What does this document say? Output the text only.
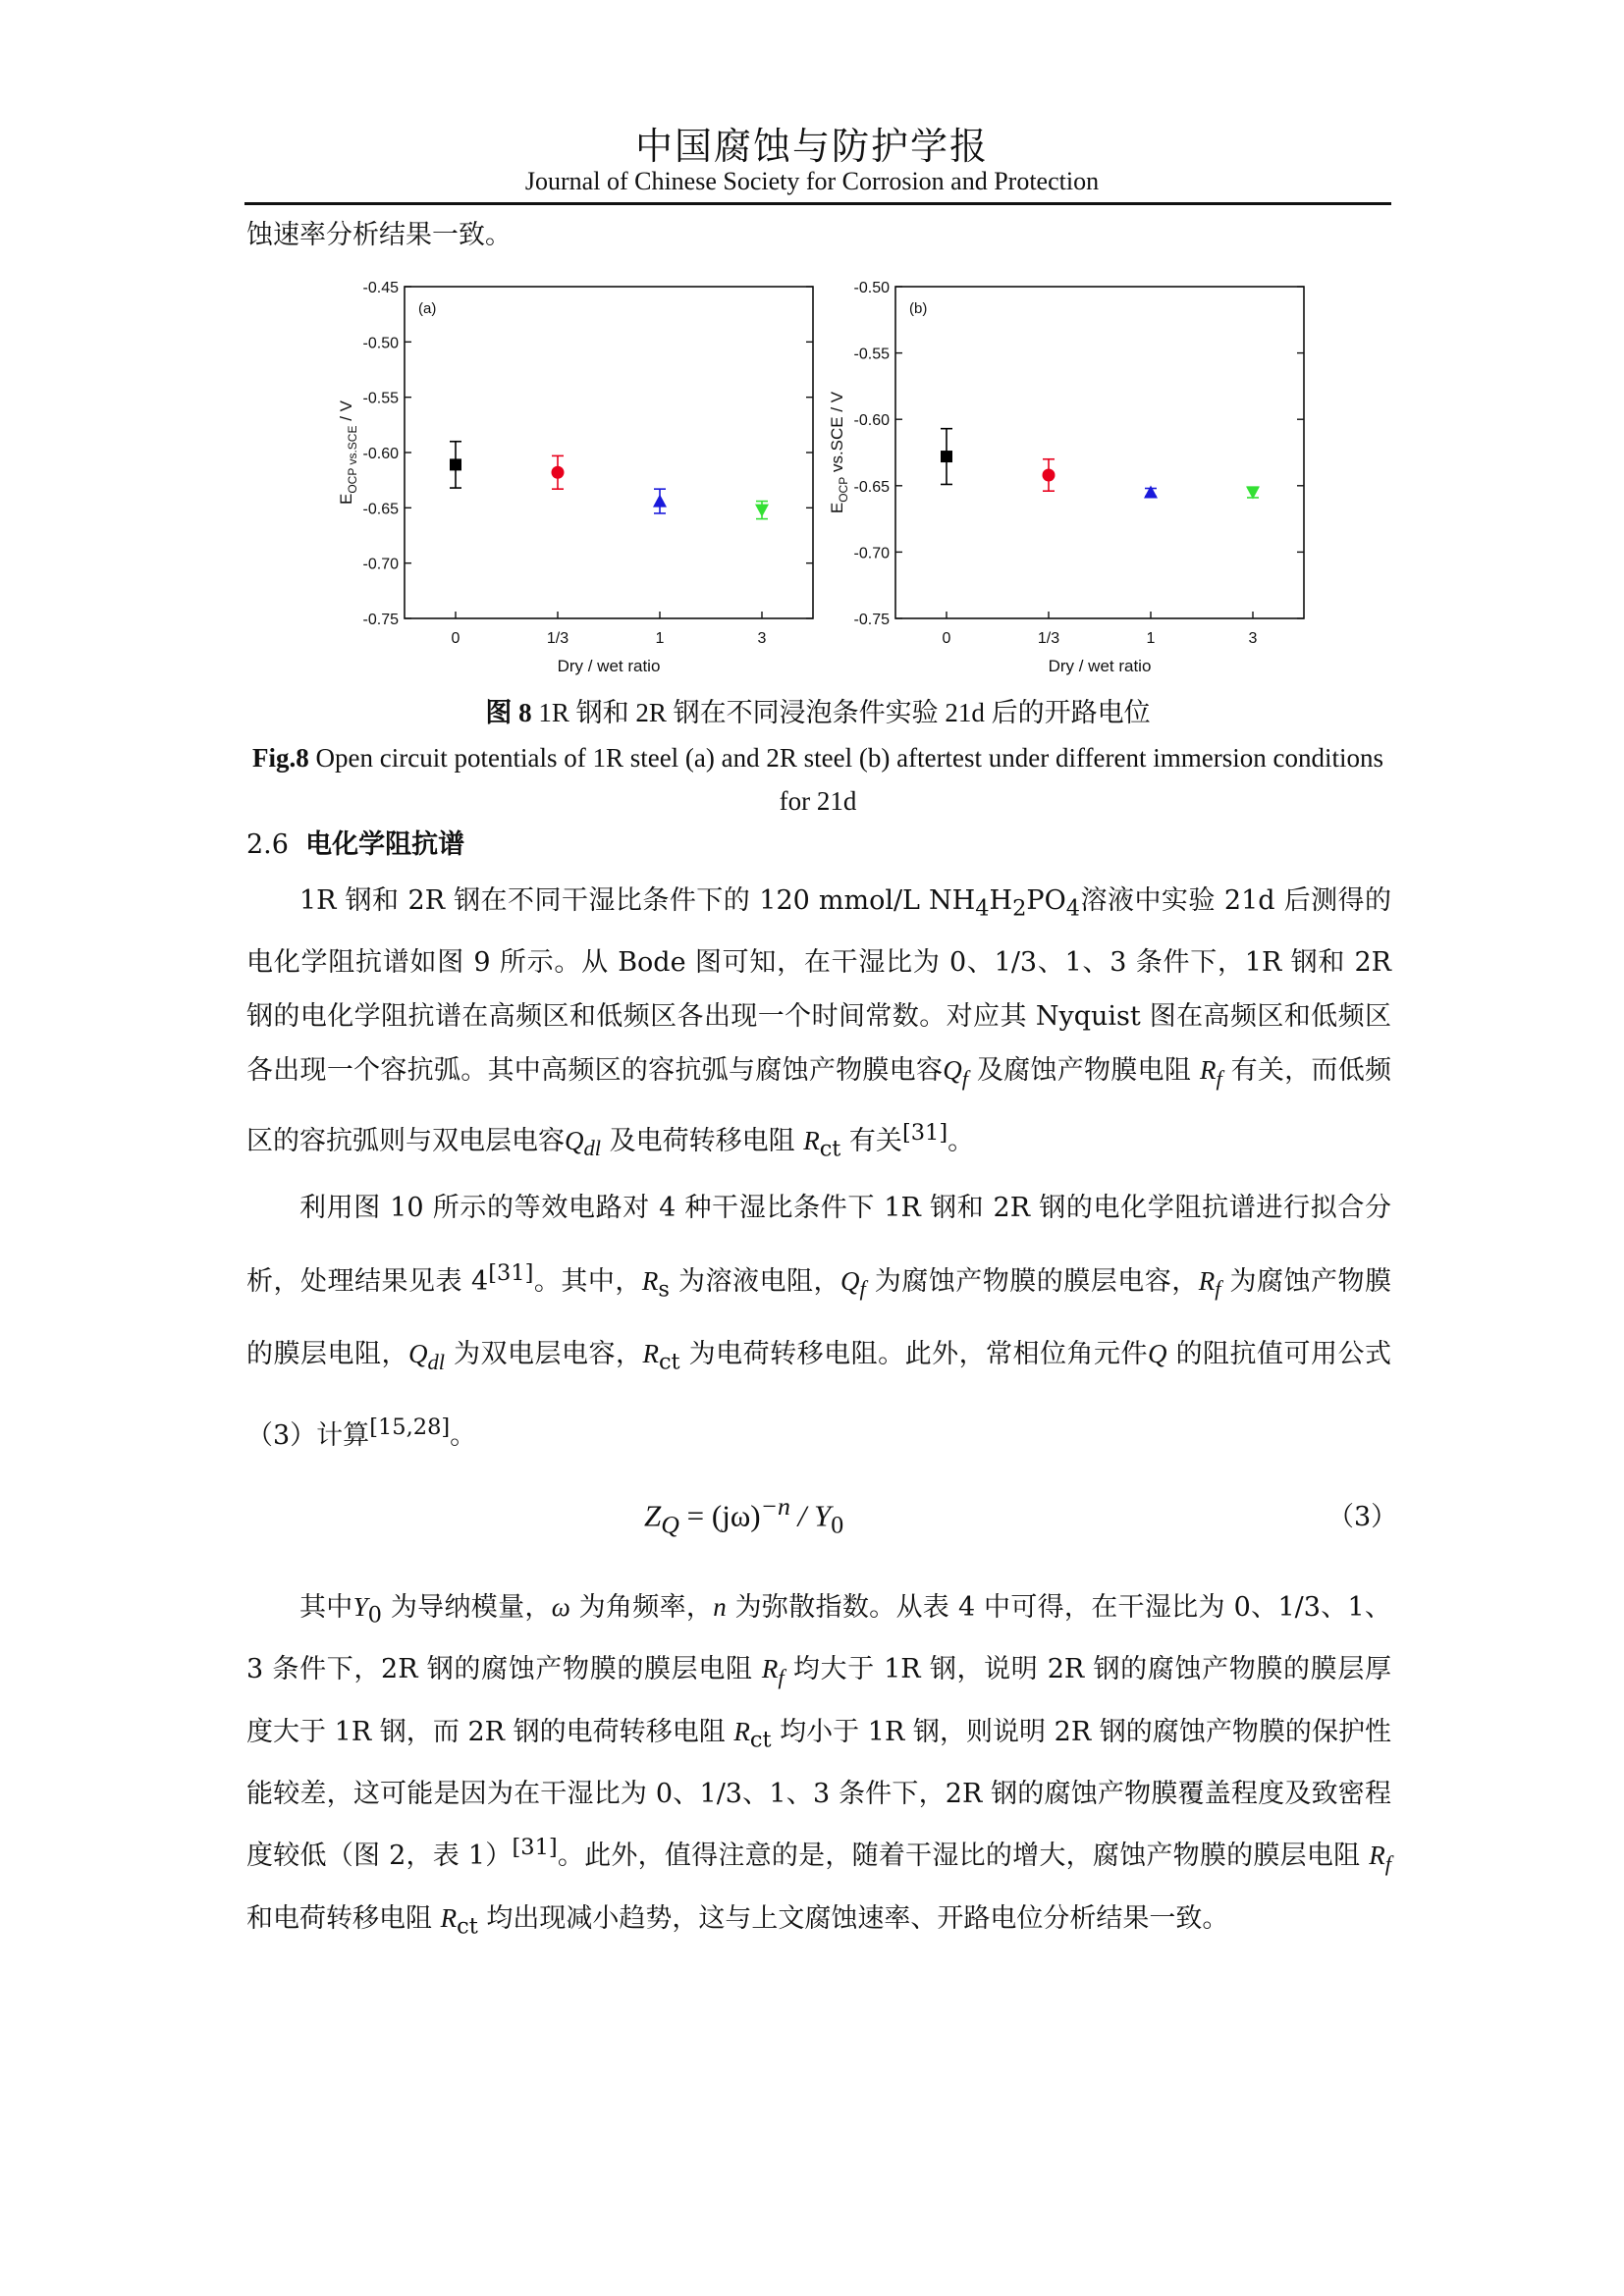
中国腐蚀与防护学报
Journal of Chinese Society for Corrosion and Protection

蚀速率分析结果一致。

(a)
-0.45
-0.50
-0.55
-0.60
-0.65
-0.70
-0.75
0	1/3	1	3
Dry / wet ratio
$E_{OCP vs.SCE}$ / V
(b)
-0.50
-0.55
-0.60
-0.65
-0.70
-0.75
0	1/3	1	3
Dry / wet ratio
$E_{OCP}$ vs.SCE / V
图 8 1R 钢和 2R 钢在不同浸泡条件实验 21d 后的开路电位
Fig.8 Open circuit potentials of 1R steel (a) and 2R steel (b) aftertest under different immersion conditions for 21d
2.6 电化学阻抗谱

1R 钢和 2R 钢在不同干湿比条件下的 120 mmol/L $NH_4H_2PO_4$溶液中实验 21d 后测得的电化学阻抗谱如图 9 所示。从 Bode 图可知，在干湿比为 0、1/3、1、3 条件下，1R 钢和 2R 钢的电化学阻抗谱在高频区和低频区各出现一个时间常数。对应其 Nyquist 图在高频区和低频区各出现一个容抗弧。其中高频区的容抗弧与腐蚀产物膜电容$Q_f$ 及腐蚀产物膜电阻 $R_f$ 有关，而低频区的容抗弧则与双电层电容$Q_{dl}$ 及电荷转移电阻 $R_{ct}$ 有关[31]。

利用图 10 所示的等效电路对 4 种干湿比条件下 1R 钢和 2R 钢的电化学阻抗谱进行拟合分析，处理结果见表 4[31]。其中，$R_s$ 为溶液电阻，$Q_f$ 为腐蚀产物膜的膜层电容，$R_f$ 为腐蚀产物膜的膜层电阻，$Q_{dl}$ 为双电层电容，$R_{ct}$ 为电荷转移电阻。此外，常相位角元件Q 的阻抗值可用公式（3）计算[15,28]。

$Z_Q = (j\omega)^{-n} / Y_0$	（3）

其中$Y_0$ 为导纳模量，ω 为角频率，n 为弥散指数。从表 4 中可得，在干湿比为 0、1/3、1、3 条件下，2R 钢的腐蚀产物膜的膜层电阻 $R_f$ 均大于 1R 钢，说明 2R 钢的腐蚀产物膜的膜层厚度大于 1R 钢，而 2R 钢的电荷转移电阻 $R_{ct}$ 均小于 1R 钢，则说明 2R 钢的腐蚀产物膜的保护性能较差，这可能是因为在干湿比为 0、1/3、1、3 条件下，2R 钢的腐蚀产物膜覆盖程度及致密程度较低（图 2，表 1）[31]。此外，值得注意的是，随着干湿比的增大，腐蚀产物膜的膜层电阻 $R_f$ 和电荷转移电阻 $R_{ct}$ 均出现减小趋势，这与上文腐蚀速率、开路电位分析结果一致。
